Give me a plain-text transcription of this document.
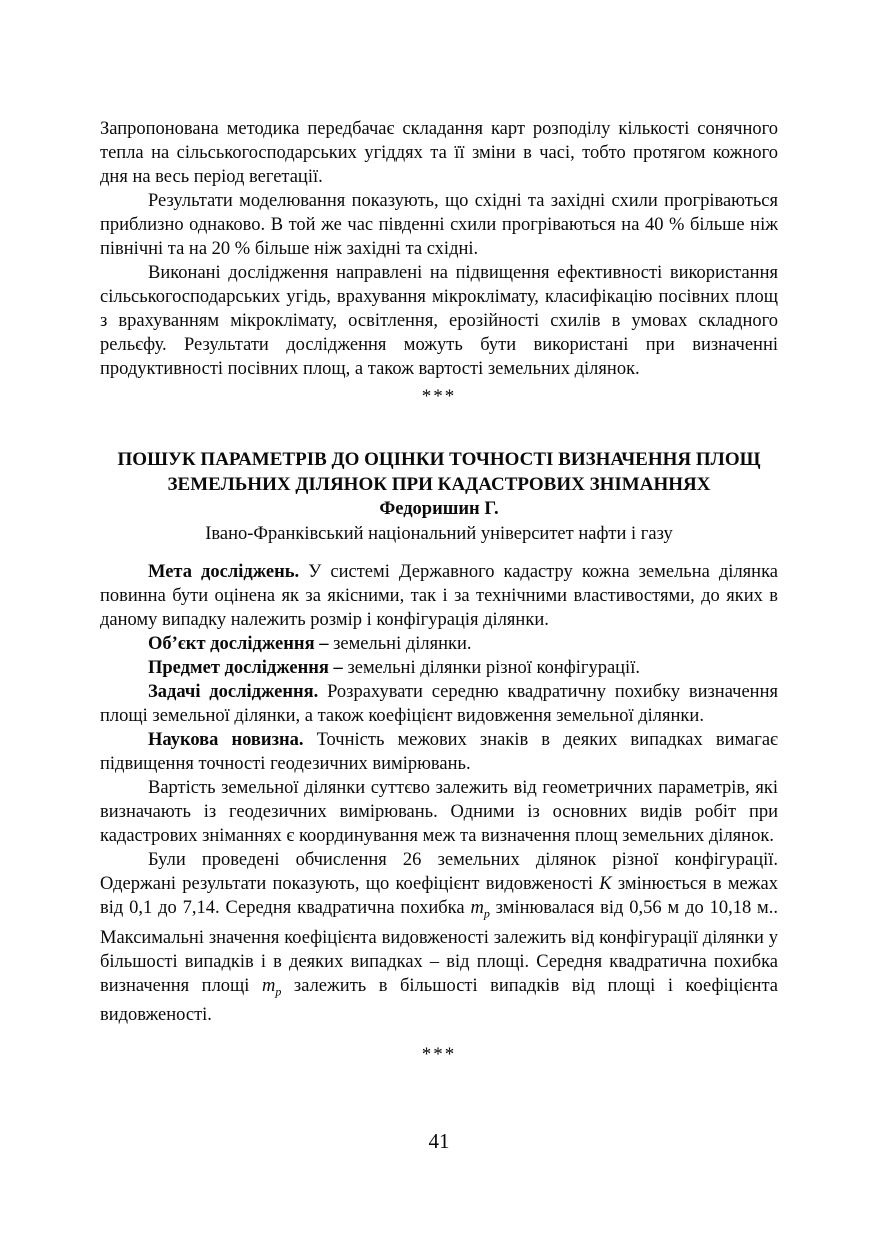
Запропонована методика передбачає складання карт розподілу кількості сонячного тепла на сільськогосподарських угіддях та її зміни в часі, тобто протягом кожного дня на весь період вегетації.

Результати моделювання показують, що східні та західні схили прогріваються приблизно однаково. В той же час південні схили прогріваються на 40 % більше ніж північні та на 20 % більше ніж західні та східні.

Виконані дослідження направлені на підвищення ефективності використання сільськогосподарських угідь, врахування мікроклімату, класифікацію посівних площ з врахуванням мікроклімату, освітлення, ерозійності схилів в умовах складного рельєфу. Результати дослідження можуть бути використані при визначенні продуктивності посівних площ, а також вартості земельних ділянок.

***
ПОШУК ПАРАМЕТРІВ ДО ОЦІНКИ ТОЧНОСТІ ВИЗНАЧЕННЯ ПЛОЩ ЗЕМЕЛЬНИХ ДІЛЯНОК ПРИ КАДАСТРОВИХ ЗНІМАННЯХ
Федоришин Г.
Івано-Франківський національний університет нафти і газу

Мета досліджень. У системі Державного кадастру кожна земельна ділянка повинна бути оцінена як за якісними, так і за технічними властивостями, до яких в даному випадку належить розмір і конфігурація ділянки.

Об’єкт дослідження – земельні ділянки.

Предмет дослідження – земельні ділянки різної конфігурації.

Задачі дослідження. Розрахувати середню квадратичну похибку визначення площі земельної ділянки, а також коефіцієнт видовження земельної ділянки.

Наукова новизна. Точність межових знаків в деяких випадках вимагає підвищення точності геодезичних вимірювань.

Вартість земельної ділянки суттєво залежить від геометричних параметрів, які визначають із геодезичних вимірювань. Одними із основних видів робіт при кадастрових зніманнях є координування меж та визначення площ земельних ділянок.

Були проведені обчислення 26 земельних ділянок різної конфігурації. Одержані результати показують, що коефіцієнт видовженості К змінюється в межах від 0,1 до 7,14. Середня квадратична похибка $m_p$ змінювалася від 0,56 м до 10,18 м.. Максимальні значення коефіцієнта видовженості залежить від конфігурації ділянки у більшості випадків і в деяких випадках – від площі. Середня квадратична похибка визначення площі $m_p$ залежить в більшості випадків від площі і коефіцієнта видовженості.

***
41
